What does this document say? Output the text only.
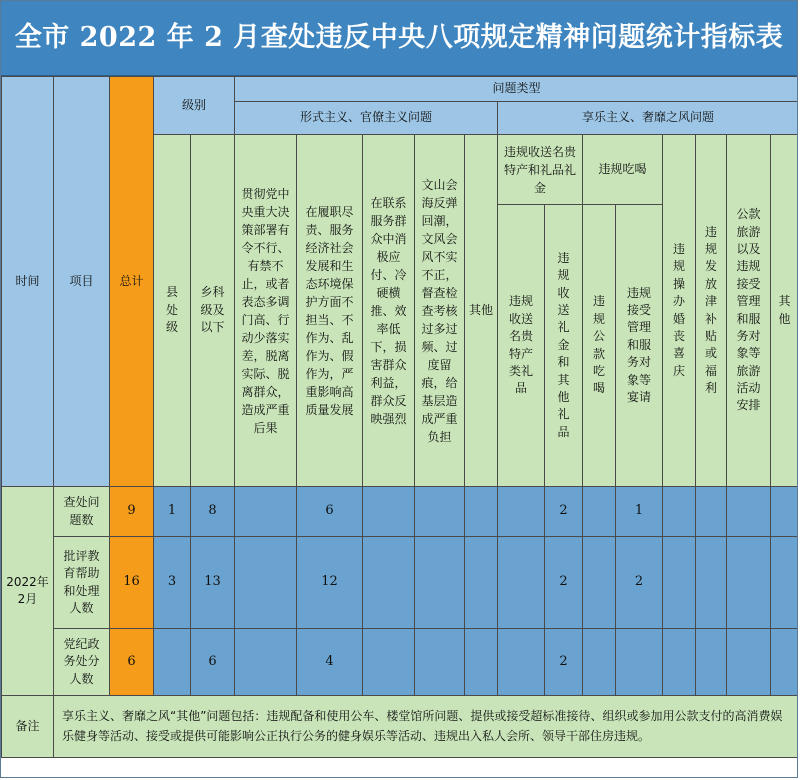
全市 2022 年 2 月查处违反中央八项规定精神问题统计指标表
时间	项目	总计	级别		问题类型												
					形式主义、官僚主义问题					享乐主义、奢靡之风问题							
			县处级	乡科级及以下	贯彻党中央重大决策部署有令不行、有禁不止，或者表态多调门高、行动少落实差，脱离实际、脱离群众，造成严重后果	在履职尽责、服务经济社会发展和生态环境保护方面不担当、不作为、乱作为、假作为，严重影响高质量发展	在联系服务群众中消极应付、冷硬横推、效率低下，损害群众利益，群众反映强烈	文山会海反弹回潮，文风会风不实不正，督查检查考核过多过频、过度留痕，给基层造成严重负担	其他	违规收送名贵特产和礼品礼金		违规吃喝		违规操办婚丧喜庆	违规发放津补贴或福利	公款旅游以及违规接受管理和服务对象等旅游活动安排	其他
										违规收送名贵特产类礼品	违规收送礼金和其他礼品	违规公款吃喝	违规接受管理和服务对象等宴请				
2022年
2月	查处问题数	9	1	8		6					2		1				
	批评教育帮助和处理人数	16	3	13		12					2		2				
	党纪政务处分人数	6		6		4					2						
备注	享乐主义、奢靡之风“其他”问题包括：违规配备和使用公车、楼堂馆所问题、提供或接受超标准接待、组织或参加用公款支付的高消费娱乐健身等活动、接受或提供可能影响公正执行公务的健身娱乐等活动、违规出入私人会所、领导干部住房违规。																
